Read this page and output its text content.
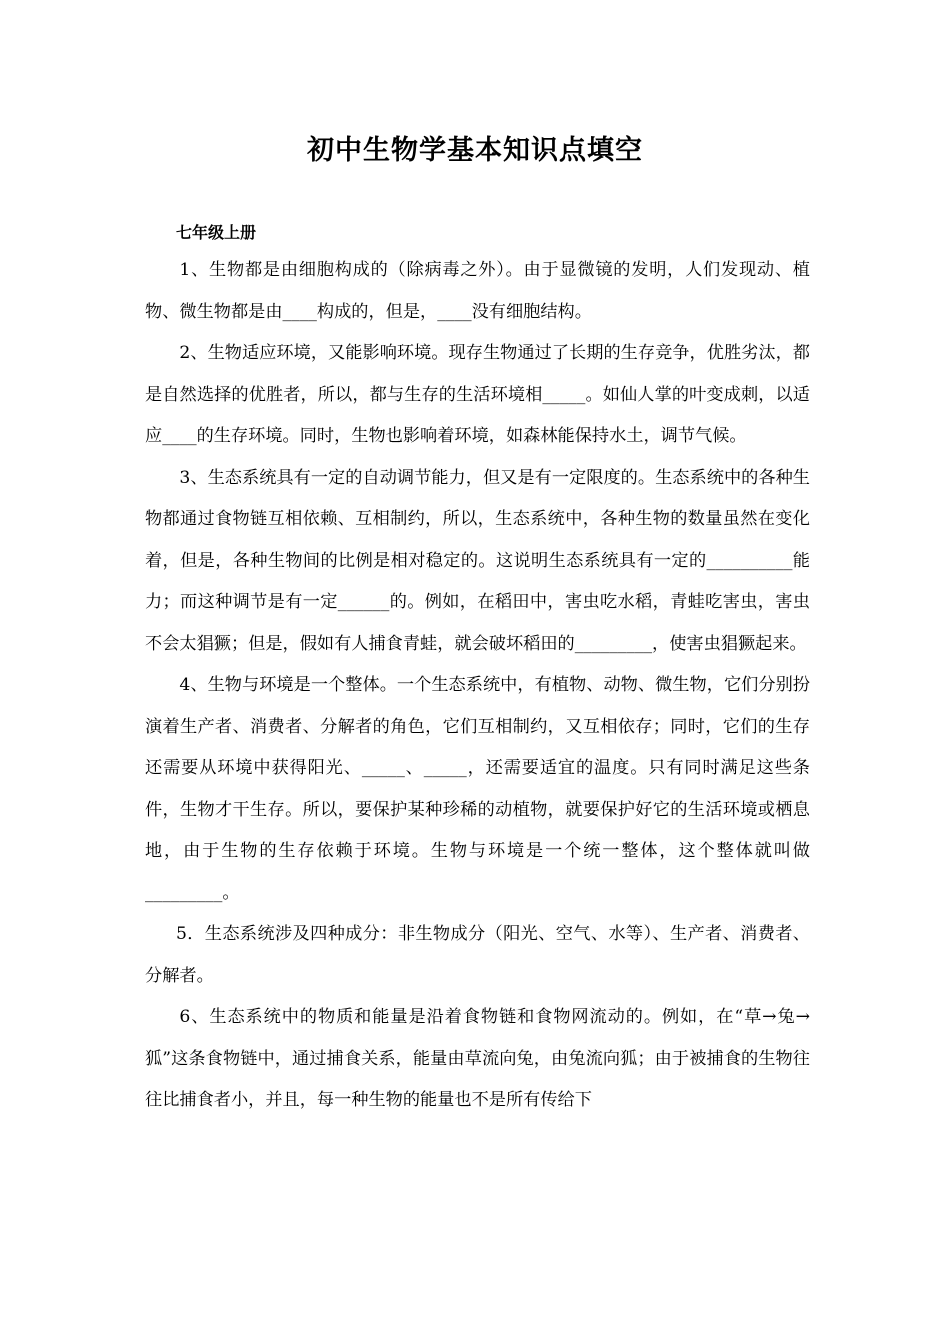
初中生物学基本知识点填空
七年级上册

1、生物都是由细胞构成的（除病毒之外）。由于显微镜的发明，人们发现动、植物、微生物都是由____构成的，但是，____没有细胞结构。

2、生物适应环境，又能影响环境。现存生物通过了长期的生存竞争，优胜劣汰，都是自然选择的优胜者，所以，都与生存的生活环境相_____。如仙人掌的叶变成刺，以适应____的生存环境。同时，生物也影响着环境，如森林能保持水土，调节气候。

3、生态系统具有一定的自动调节能力，但又是有一定限度的。生态系统中的各种生物都通过食物链互相依赖、互相制约，所以，生态系统中，各种生物的数量虽然在变化着，但是，各种生物间的比例是相对稳定的。这说明生态系统具有一定的__________能力；而这种调节是有一定______的。例如，在稻田中，害虫吃水稻，青蛙吃害虫，害虫不会太猖獗；但是，假如有人捕食青蛙，就会破坏稻田的_________，使害虫猖獗起来。

4、生物与环境是一个整体。一个生态系统中，有植物、动物、微生物，它们分别扮演着生产者、消费者、分解者的角色，它们互相制约，又互相依存；同时，它们的生存还需要从环境中获得阳光、_____、_____，还需要适宜的温度。只有同时满足这些条件，生物才干生存。所以，要保护某种珍稀的动植物，就要保护好它的生活环境或栖息地，由于生物的生存依赖于环境。生物与环境是一个统一整体，这个整体就叫做_________。

5．生态系统涉及四种成分：非生物成分（阳光、空气、水等）、生产者、消费者、分解者。

6、生态系统中的物质和能量是沿着食物链和食物网流动的。例如，在“草→兔→狐”这条食物链中，通过捕食关系，能量由草流向兔，由兔流向狐；由于被捕食的生物往往比捕食者小，并且，每一种生物的能量也不是所有传给下
